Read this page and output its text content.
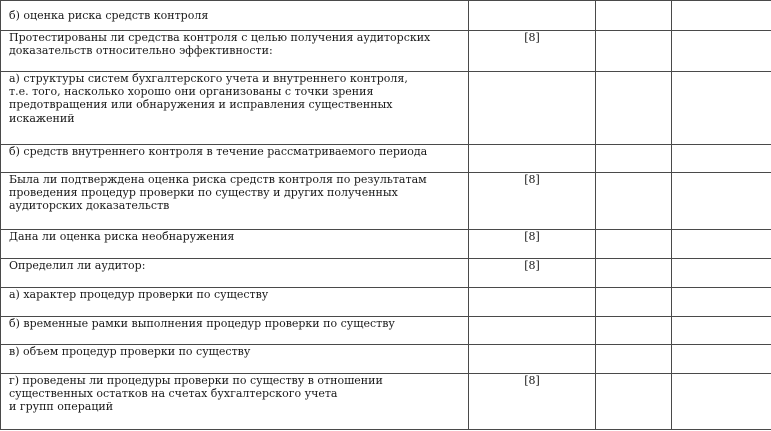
б) оценка риска средств контроля			
Протестированы ли средства контроля с целью получения аудиторских
доказательств относительно эффективности:	[8]		
а) структуры систем бухгалтерского учета и внутреннего контроля,
т.е. того, насколько хорошо они организованы с точки зрения
предотвращения или обнаружения и исправления существенных
искажений			
б) средств внутреннего контроля в течение рассматриваемого периода			
Была ли подтверждена оценка риска средств контроля по результатам
проведения процедур проверки по существу и других полученных
аудиторских доказательств	[8]		
Дана ли оценка риска необнаружения	[8]		
Определил ли аудитор:	[8]		
а) характер процедур проверки по существу			
б) временные рамки выполнения процедур проверки по существу			
в) объем процедур проверки по существу			
г) проведены ли процедуры проверки по существу в отношении
существенных остатков на счетах бухгалтерского учета
и групп операций	[8]		
